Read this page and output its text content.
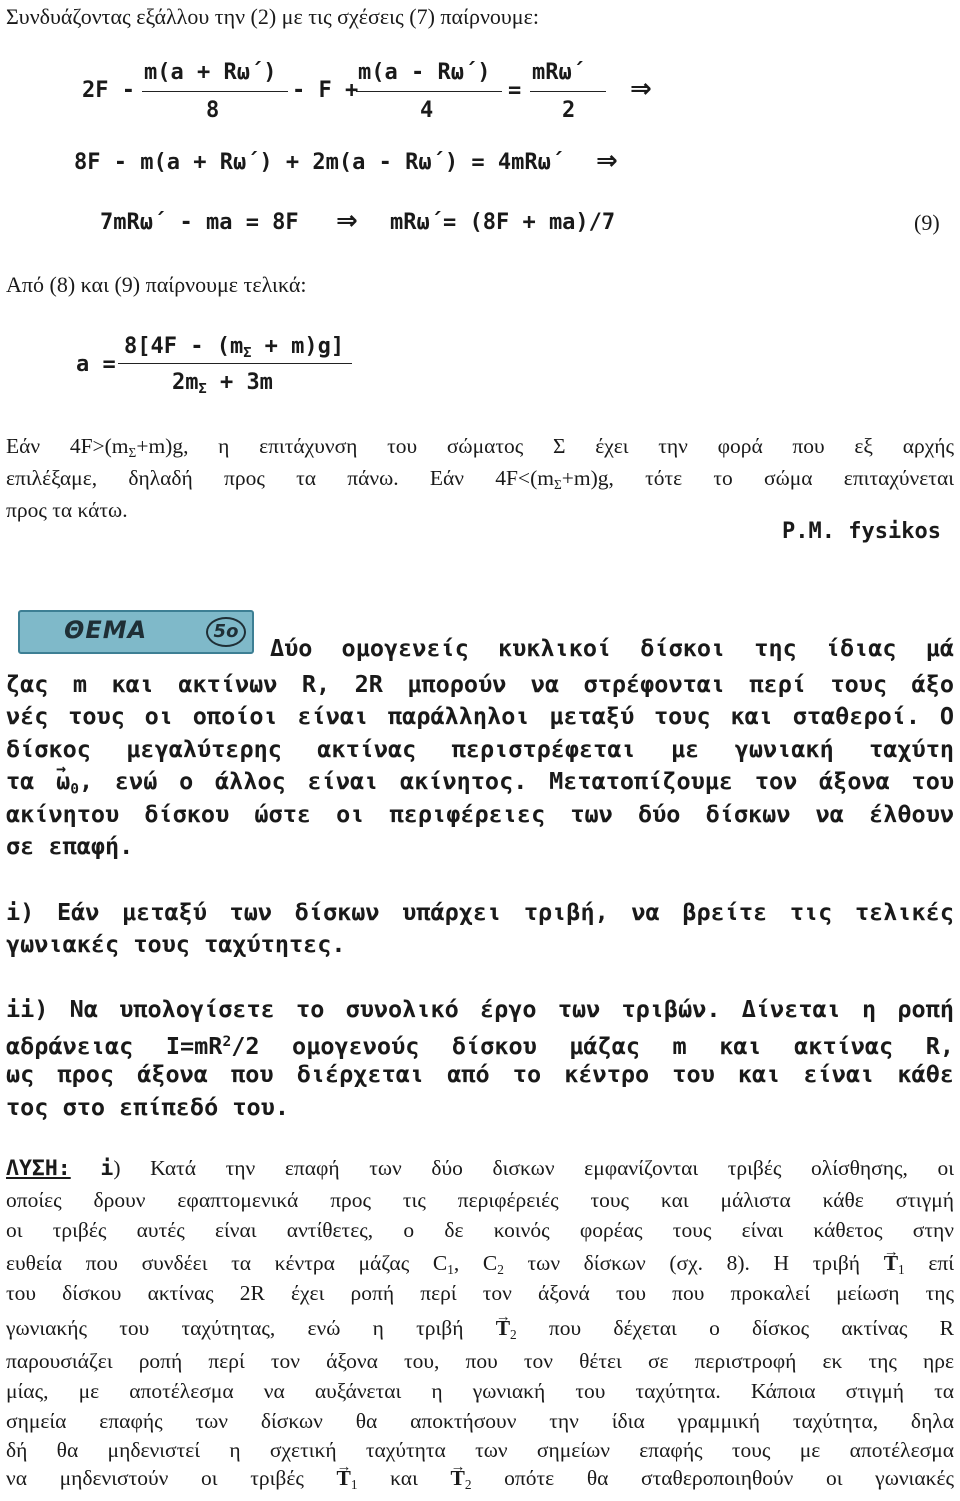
Συνδυάζοντας εξάλλου την (2) με τις σχέσεις (7) παίρνουμε:
2F -
m(a + Rω΄)
8
- F +
m(a - Rω΄)
4
=
mRω΄
2
⇒
8F - m(a + Rω΄) + 2m(a - Rω΄) = 4mRω΄ ⇒
7mRω΄ - ma = 8F ⇒ mRω΄= (8F + ma)/7	(9)
Από (8) και (9) παίρνουμε τελικά:
a =
$8[4F - (m_\Sigma + m)g]$
$2m_\Sigma + 3m$
Εάν $4F>(m_\Sigma+m)g$, η επιτάχυνση του σώματος Σ έχει την φορά που εξ αρχής
επιλέξαμε, δηλαδή προς τα πάνω. Εάν $4F<(m_\Sigma+m)g$, τότε το σώμα επιταχύνεται
προς τα κάτω.
P.M. fysikos
ΘΕΜΑ	5o
Δύο ομογενείς κυκλικοί δίσκοι της ίδιας μά
ζας m και ακτίνων R, 2R μπορούν να στρέφονται περί τους άξο
νές τους οι οποίοι είναι παράλληλοι μεταξύ τους και σταθεροί. Ο
δίσκος μεγαλύτερης ακτίνας περιστρέφεται με γωνιακή ταχύτη
$\tau\alpha \to \omega_0$, ενώ ο άλλος είναι ακίνητος. Μετατοπίζουμε τον άξονα του
ακίνητου δίσκου ώστε οι περιφέρειες των δύο δίσκων να έλθουν
σε επαφή.
i) Εάν μεταξύ των δίσκων υπάρχει τριβή, να βρείτε τις τελικές
γωνιακές τους ταχύτητες.
ii) Να υπολογίσετε το συνολικό έργο των τριβών. Δίνεται η ροπή
αδράνειας $I=mR^2/2$ ομογενούς δίσκου μάζας m και ακτίνας R,
ως προς άξονα που διέρχεται από το κέντρο του και είναι κάθε
τος στο επίπεδό του.
ΛΥΣΗ: i) Κατά την επαφή των δύο δισκων εμφανίζονται τριβές ολίσθησης, οι
οποίες δρουν εφαπτομενικά προς τις περιφέρειές τους και μάλιστα κάθε στιγμή
οι τριβές αυτές είναι αντίθετες, ο δε κοινός φορέας τους είναι κάθετος στην
ευθεία που συνδέει τα κέντρα μάζας $C_1$, $C_2$ των δίσκων (σχ. 8). Η $\tau\rho\iota\beta ή \to T_1$ επί
του δίσκου ακτίνας 2R έχει ροπή περί τον άξονά του που προκαλεί μείωση της
γωνιακής του ταχύτητας, ενώ η $\tau\rho\iota\beta ή \to T_2$ που δέχεται ο δίσκος ακτίνας R
παρουσιάζει ροπή περί τον άξονα του, που τον θέτει σε περιστροφή εκ της ηρε
μίας, με αποτέλεσμα να αυξάνεται η γωνιακή του ταχύτητα. Κάποια στιγμή τα
σημεία επαφής των δίσκων θα αποκτήσουν την ίδια γραμμική ταχύτητα, δηλα
δή θα μηδενιστεί η σχετική ταχύτητα των σημείων επαφής τους με αποτέλεσμα
να μηδενιστούν οι $\tau\rho\iota\beta έ\varsigma \to T_1$ $\kappa\alpha\iota \to T_2$ οπότε θα σταθεροποιηθούν οι γωνιακές
